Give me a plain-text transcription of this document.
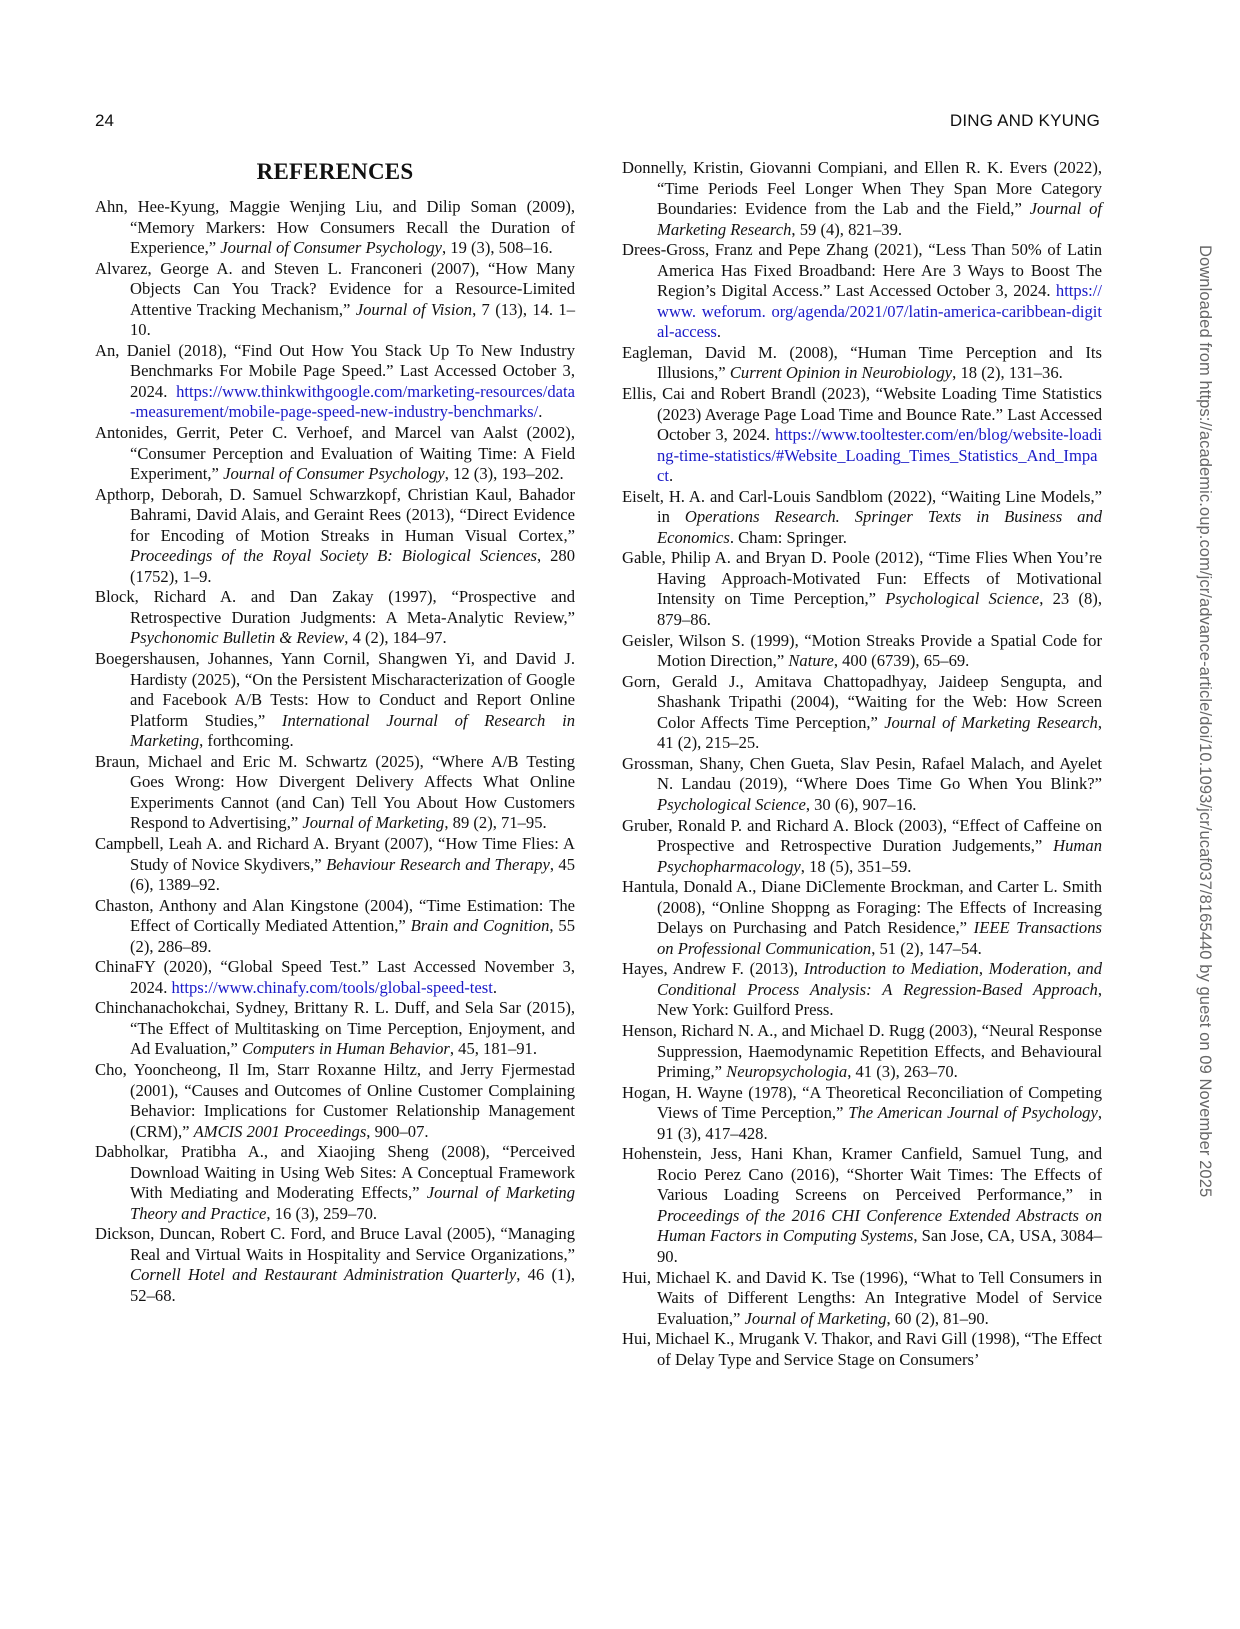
24	DING AND KYUNG
REFERENCES

Ahn, Hee-Kyung, Maggie Wenjing Liu, and Dilip Soman (2009), “Memory Markers: How Consumers Recall the Duration of Experience,” Journal of Consumer Psychology, 19 (3), 508–16.

Alvarez, George A. and Steven L. Franconeri (2007), “How Many Objects Can You Track? Evidence for a Resource-Limited Attentive Tracking Mechanism,” Journal of Vision, 7 (13), 14. 1–10.

An, Daniel (2018), “Find Out How You Stack Up To New Industry Benchmarks For Mobile Page Speed.” Last Accessed October 3, 2024. https://www.thinkwithgoogle.com/marketing-resources/data-measurement/mobile-page-speed-new-industry-benchmarks/.

Antonides, Gerrit, Peter C. Verhoef, and Marcel van Aalst (2002), “Consumer Perception and Evaluation of Waiting Time: A Field Experiment,” Journal of Consumer Psychology, 12 (3), 193–202.

Apthorp, Deborah, D. Samuel Schwarzkopf, Christian Kaul, Bahador Bahrami, David Alais, and Geraint Rees (2013), “Direct Evidence for Encoding of Motion Streaks in Human Visual Cortex,” Proceedings of the Royal Society B: Biological Sciences, 280 (1752), 1–9.

Block, Richard A. and Dan Zakay (1997), “Prospective and Retrospective Duration Judgments: A Meta-Analytic Review,” Psychonomic Bulletin & Review, 4 (2), 184–97.

Boegershausen, Johannes, Yann Cornil, Shangwen Yi, and David J. Hardisty (2025), “On the Persistent Mischaracterization of Google and Facebook A/B Tests: How to Conduct and Report Online Platform Studies,” International Journal of Research in Marketing, forthcoming.

Braun, Michael and Eric M. Schwartz (2025), “Where A/B Testing Goes Wrong: How Divergent Delivery Affects What Online Experiments Cannot (and Can) Tell You About How Customers Respond to Advertising,” Journal of Marketing, 89 (2), 71–95.

Campbell, Leah A. and Richard A. Bryant (2007), “How Time Flies: A Study of Novice Skydivers,” Behaviour Research and Therapy, 45 (6), 1389–92.

Chaston, Anthony and Alan Kingstone (2004), “Time Estimation: The Effect of Cortically Mediated Attention,” Brain and Cognition, 55 (2), 286–89.

ChinaFY (2020), “Global Speed Test.” Last Accessed November 3, 2024. https://www.chinafy.com/tools/global-speed-test.

Chinchanachokchai, Sydney, Brittany R. L. Duff, and Sela Sar (2015), “The Effect of Multitasking on Time Perception, Enjoyment, and Ad Evaluation,” Computers in Human Behavior, 45, 181–91.

Cho, Yooncheong, Il Im, Starr Roxanne Hiltz, and Jerry Fjermestad (2001), “Causes and Outcomes of Online Customer Complaining Behavior: Implications for Customer Relationship Management (CRM),” AMCIS 2001 Proceedings, 900–07.

Dabholkar, Pratibha A., and Xiaojing Sheng (2008), “Perceived Download Waiting in Using Web Sites: A Conceptual Framework With Mediating and Moderating Effects,” Journal of Marketing Theory and Practice, 16 (3), 259–70.

Dickson, Duncan, Robert C. Ford, and Bruce Laval (2005), “Managing Real and Virtual Waits in Hospitality and Service Organizations,” Cornell Hotel and Restaurant Administration Quarterly, 46 (1), 52–68.

Donnelly, Kristin, Giovanni Compiani, and Ellen R. K. Evers (2022), “Time Periods Feel Longer When They Span More Category Boundaries: Evidence from the Lab and the Field,” Journal of Marketing Research, 59 (4), 821–39.

Drees-Gross, Franz and Pepe Zhang (2021), “Less Than 50% of Latin America Has Fixed Broadband: Here Are 3 Ways to Boost The Region’s Digital Access.” Last Accessed October 3, 2024. https://www. weforum. org/agenda/2021/07/latin-america-caribbean-digital-access.

Eagleman, David M. (2008), “Human Time Perception and Its Illusions,” Current Opinion in Neurobiology, 18 (2), 131–36.

Ellis, Cai and Robert Brandl (2023), “Website Loading Time Statistics (2023) Average Page Load Time and Bounce Rate.” Last Accessed October 3, 2024. https://www.tooltester.com/en/blog/website-loading-time-statistics/#Website_Loading_Times_Statistics_And_Impact.

Eiselt, H. A. and Carl-Louis Sandblom (2022), “Waiting Line Models,” in Operations Research. Springer Texts in Business and Economics. Cham: Springer.

Gable, Philip A. and Bryan D. Poole (2012), “Time Flies When You’re Having Approach-Motivated Fun: Effects of Motivational Intensity on Time Perception,” Psychological Science, 23 (8), 879–86.

Geisler, Wilson S. (1999), “Motion Streaks Provide a Spatial Code for Motion Direction,” Nature, 400 (6739), 65–69.

Gorn, Gerald J., Amitava Chattopadhyay, Jaideep Sengupta, and Shashank Tripathi (2004), “Waiting for the Web: How Screen Color Affects Time Perception,” Journal of Marketing Research, 41 (2), 215–25.

Grossman, Shany, Chen Gueta, Slav Pesin, Rafael Malach, and Ayelet N. Landau (2019), “Where Does Time Go When You Blink?” Psychological Science, 30 (6), 907–16.

Gruber, Ronald P. and Richard A. Block (2003), “Effect of Caffeine on Prospective and Retrospective Duration Judgements,” Human Psychopharmacology, 18 (5), 351–59.

Hantula, Donald A., Diane DiClemente Brockman, and Carter L. Smith (2008), “Online Shoppng as Foraging: The Effects of Increasing Delays on Purchasing and Patch Residence,” IEEE Transactions on Professional Communication, 51 (2), 147–54.

Hayes, Andrew F. (2013), Introduction to Mediation, Moderation, and Conditional Process Analysis: A Regression-Based Approach, New York: Guilford Press.

Henson, Richard N. A., and Michael D. Rugg (2003), “Neural Response Suppression, Haemodynamic Repetition Effects, and Behavioural Priming,” Neuropsychologia, 41 (3), 263–70.

Hogan, H. Wayne (1978), “A Theoretical Reconciliation of Competing Views of Time Perception,” The American Journal of Psychology, 91 (3), 417–428.

Hohenstein, Jess, Hani Khan, Kramer Canfield, Samuel Tung, and Rocio Perez Cano (2016), “Shorter Wait Times: The Effects of Various Loading Screens on Perceived Performance,” in Proceedings of the 2016 CHI Conference Extended Abstracts on Human Factors in Computing Systems, San Jose, CA, USA, 3084–90.

Hui, Michael K. and David K. Tse (1996), “What to Tell Consumers in Waits of Different Lengths: An Integrative Model of Service Evaluation,” Journal of Marketing, 60 (2), 81–90.

Hui, Michael K., Mrugank V. Thakor, and Ravi Gill (1998), “The Effect of Delay Type and Service Stage on Consumers’

Downloaded from https://academic.oup.com/jcr/advance-article/doi/10.1093/jcr/ucaf037/8165440 by guest on 09 November 2025
